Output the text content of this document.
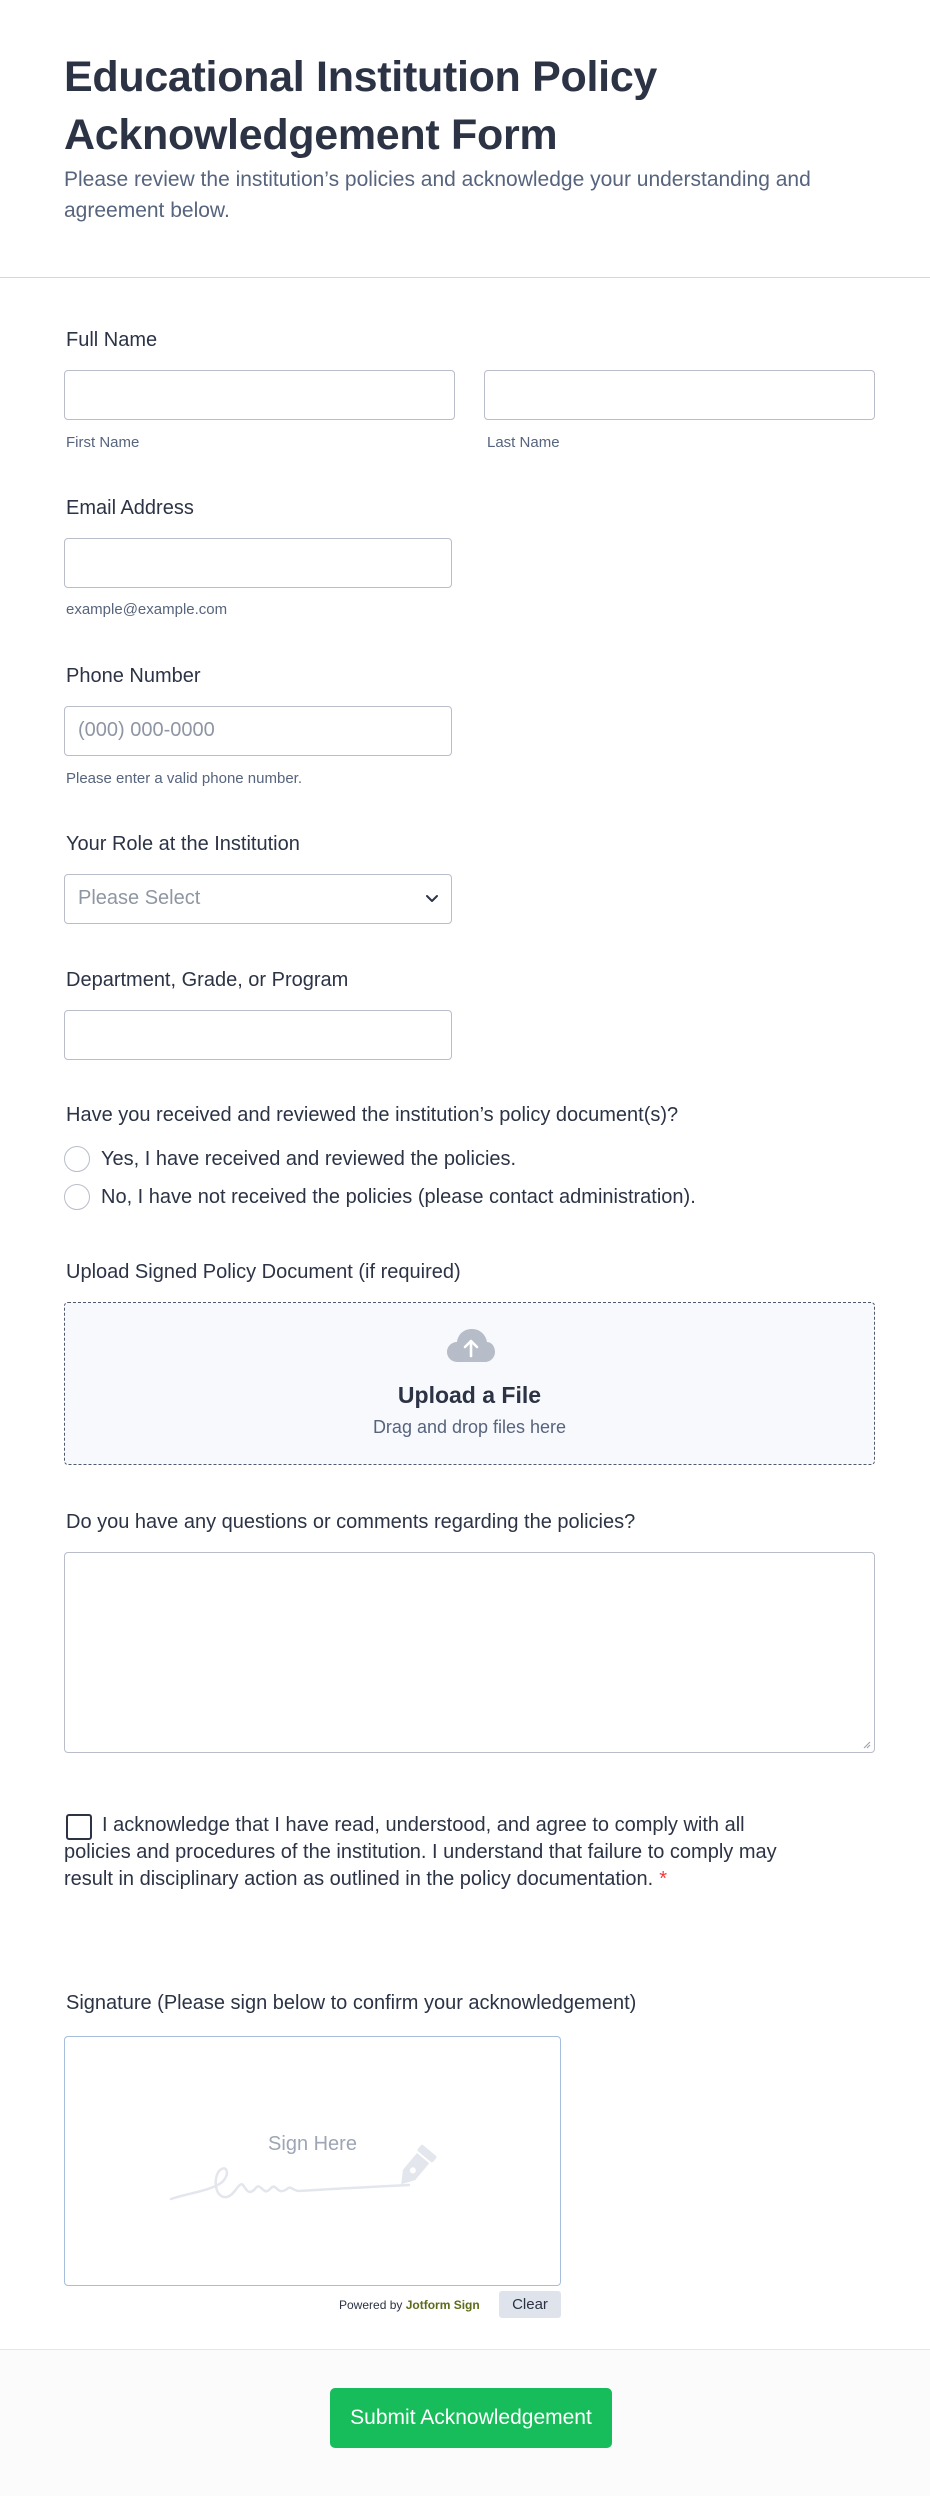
Educational Institution Policy Acknowledgement Form
Please review the institution’s policies and acknowledge your understanding and agreement below.
Full Name
First Name	Last Name
Email Address
example@example.com
Phone Number
(000) 000-0000
Please enter a valid phone number.
Your Role at the Institution
Please Select
Department, Grade, or Program
Have you received and reviewed the institution’s policy document(s)?
Yes, I have received and reviewed the policies.
No, I have not received the policies (please contact administration).
Upload Signed Policy Document (if required)
Upload a File
Drag and drop files here
Do you have any questions or comments regarding the policies?
I acknowledge that I have read, understood, and agree to comply with all policies and procedures of the institution. I understand that failure to comply may result in disciplinary action as outlined in the policy documentation. *
Signature (Please sign below to confirm your acknowledgement)
Sign Here
Powered by Jotform Sign	Clear
Submit Acknowledgement
